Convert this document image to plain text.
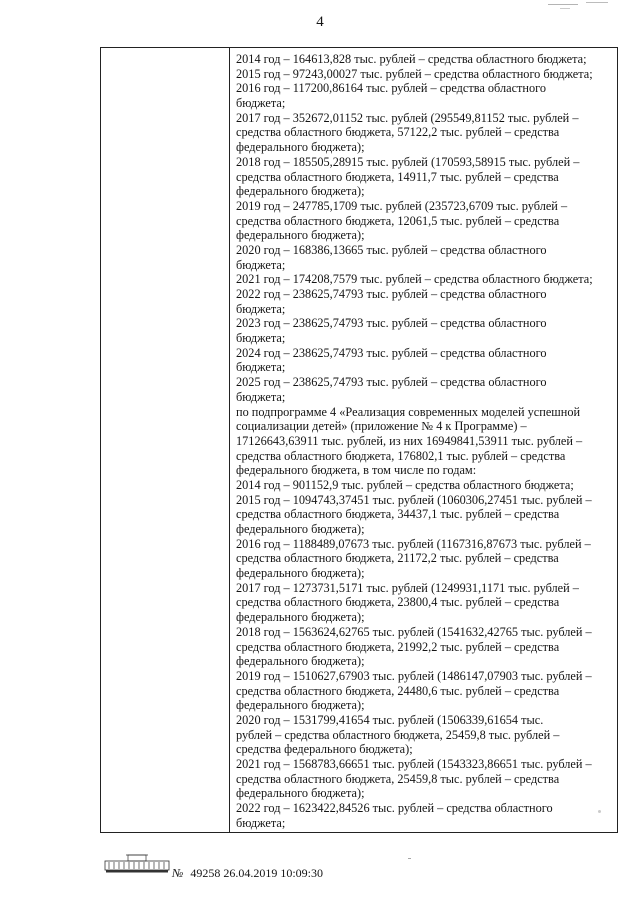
4
2014 год – 164613,828 тыс. рублей – средства областного бюджета;
2015 год – 97243,00027 тыс. рублей – средства областного бюджета;
2016 год – 117200,86164 тыс. рублей – средства областного
бюджета;
2017 год – 352672,01152 тыс. рублей (295549,81152 тыс. рублей –
средства областного бюджета, 57122,2 тыс. рублей – средства
федерального бюджета);
2018 год – 185505,28915 тыс. рублей (170593,58915 тыс. рублей –
средства областного бюджета, 14911,7 тыс. рублей – средства
федерального бюджета);
2019 год – 247785,1709 тыс. рублей (235723,6709 тыс. рублей –
средства областного бюджета, 12061,5 тыс. рублей – средства
федерального бюджета);
2020 год – 168386,13665 тыс. рублей – средства областного
бюджета;
2021 год – 174208,7579 тыс. рублей – средства областного бюджета;
2022 год – 238625,74793 тыс. рублей – средства областного
бюджета;
2023 год – 238625,74793 тыс. рублей – средства областного
бюджета;
2024 год – 238625,74793 тыс. рублей – средства областного
бюджета;
2025 год – 238625,74793 тыс. рублей – средства областного
бюджета;
по подпрограмме 4 «Реализация современных моделей успешной
социализации детей» (приложение № 4 к Программе) –
17126643,63911 тыс. рублей, из них 16949841,53911 тыс. рублей –
средства областного бюджета, 176802,1 тыс. рублей – средства
федерального бюджета, в том числе по годам:
2014 год – 901152,9 тыс. рублей – средства областного бюджета;
2015 год – 1094743,37451 тыс. рублей (1060306,27451 тыс. рублей –
средства областного бюджета, 34437,1 тыс. рублей – средства
федерального бюджета);
2016 год – 1188489,07673 тыс. рублей (1167316,87673 тыс. рублей –
средства областного бюджета, 21172,2 тыс. рублей – средства
федерального бюджета);
2017 год – 1273731,5171 тыс. рублей (1249931,1171 тыс. рублей –
средства областного бюджета, 23800,4 тыс. рублей – средства
федерального бюджета);
2018 год – 1563624,62765 тыс. рублей (1541632,42765 тыс. рублей –
средства областного бюджета, 21992,2 тыс. рублей – средства
федерального бюджета);
2019 год – 1510627,67903 тыс. рублей (1486147,07903 тыс. рублей –
средства областного бюджета, 24480,6 тыс. рублей – средства
федерального бюджета);
2020 год – 1531799,41654 тыс. рублей (1506339,61654 тыс.
рублей – средства областного бюджета, 25459,8 тыс. рублей –
средства федерального бюджета);
2021 год – 1568783,66651 тыс. рублей (1543323,86651 тыс. рублей –
средства областного бюджета, 25459,8 тыс. рублей – средства
федерального бюджета);
2022 год – 1623422,84526 тыс. рублей – средства областного
бюджета;
№ 49258 26.04.2019 10:09:30
